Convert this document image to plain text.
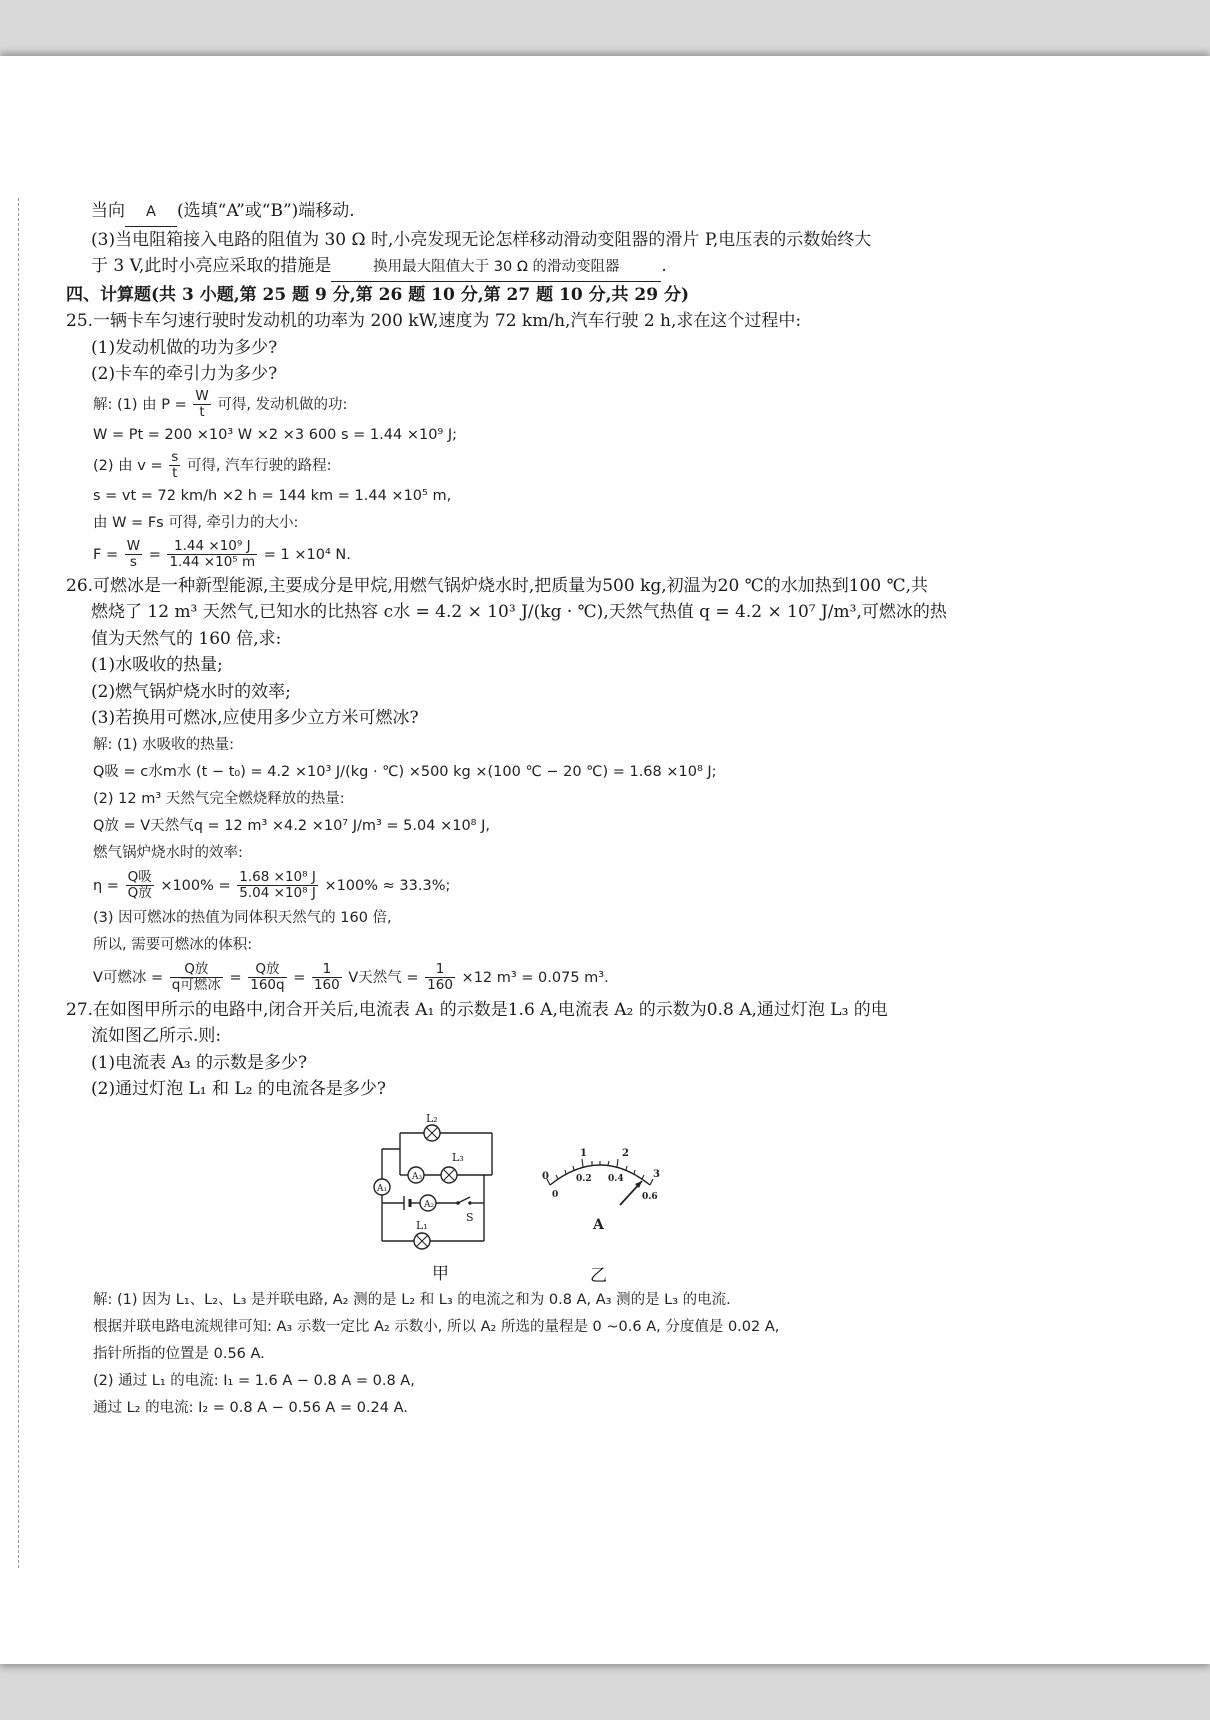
当向 A (选填“A”或“B”)端移动.
(3)当电阻箱接入电路的阻值为 30 Ω 时,小亮发现无论怎样移动滑动变阻器的滑片 P,电压表的示数始终大
于 3 V,此时小亮应采取的措施是	换用最大阻值大于 30 Ω 的滑动变阻器 .
四、计算题(共 3 小题,第 25 题 9 分,第 26 题 10 分,第 27 题 10 分,共 29 分)
25.一辆卡车匀速行驶时发动机的功率为 200 kW,速度为 72 km/h,汽车行驶 2 h,求在这个过程中:
(1)发动机做的功为多少?
(2)卡车的牵引力为多少?
解: (1) 由 $P = \frac{W}{t}$ 可得, 发动机做的功:
W = Pt = 200 ×10³ W ×2 ×3 600 s = 1.44 ×10⁹ J;
(2) 由 $v = \frac{s}{t}$ 可得, 汽车行驶的路程:
s = vt = 72 km/h ×2 h = 144 km = 1.44 ×10⁵ m,
由 W = Fs 可得, 牵引力的大小:
$F = \frac{W}{s} = \frac{\text{1.44 ×10⁹ J}}{\text{1.44 ×10⁵ m}} = 1 \times 10^4$ N.
26.可燃冰是一种新型能源,主要成分是甲烷,用燃气锅炉烧水时,把质量为500 kg,初温为20 ℃的水加热到100 ℃,共
燃烧了 12 m³ 天然气,已知水的比热容 c水 = 4.2 × 10³ J/(kg · ℃),天然气热值 q = 4.2 × 10⁷ J/m³,可燃冰的热
值为天然气的 160 倍,求:
(1)水吸收的热量;
(2)燃气锅炉烧水时的效率;
(3)若换用可燃冰,应使用多少立方米可燃冰?
解: (1) 水吸收的热量:
Q吸 = c水m水 (t − t₀) = 4.2 ×10³ J/(kg · ℃) ×500 kg ×(100 ℃ − 20 ℃) = 1.68 ×10⁸ J;
(2) 12 m³ 天然气完全燃烧释放的热量:
Q放 = V天然气q = 12 m³ ×4.2 ×10⁷ J/m³ = 5.04 ×10⁸ J,
燃气锅炉烧水时的效率:
$\eta = \frac{\text{Q吸}}{\text{Q放}} \times 100\% = \frac{\text{1.68 ×10⁸ J}}{\text{5.04 ×10⁸ J}} \times 100\% \approx 33.3\%$;
(3) 因可燃冰的热值为同体积天然气的 160 倍,
所以, 需要可燃冰的体积:
V可燃冰 = $\frac{\text{Q放}}{\text{q可燃冰}} = \frac{\text{Q放}}{160q} = \frac{1}{160}$ V天然气 = $\frac{1}{160} \times 12$ m³ = 0.075 m³.
27.在如图甲所示的电路中,闭合开关后,电流表 A₁ 的示数是1.6 A,电流表 A₂ 的示数为0.8 A,通过灯泡 L₃ 的电
流如图乙所示.则:
(1)电流表 A₃ 的示数是多少?
(2)通过灯泡 L₁ 和 L₂ 的电流各是多少?
A₃
A₂
A₁
L₂
L₃
L₁
S
甲
0
1	2
3
0
0.2 0.4
0.6
A
乙
解: (1) 因为 L₁、L₂、L₃ 是并联电路, A₂ 测的是 L₂ 和 L₃ 的电流之和为 0.8 A, A₃ 测的是 L₃ 的电流.
根据并联电路电流规律可知: A₃ 示数一定比 A₂ 示数小, 所以 A₂ 所选的量程是 0 ~0.6 A, 分度值是 0.02 A,
指针所指的位置是 0.56 A.
(2) 通过 L₁ 的电流: I₁ = 1.6 A − 0.8 A = 0.8 A,
通过 L₂ 的电流: I₂ = 0.8 A − 0.56 A = 0.24 A.
